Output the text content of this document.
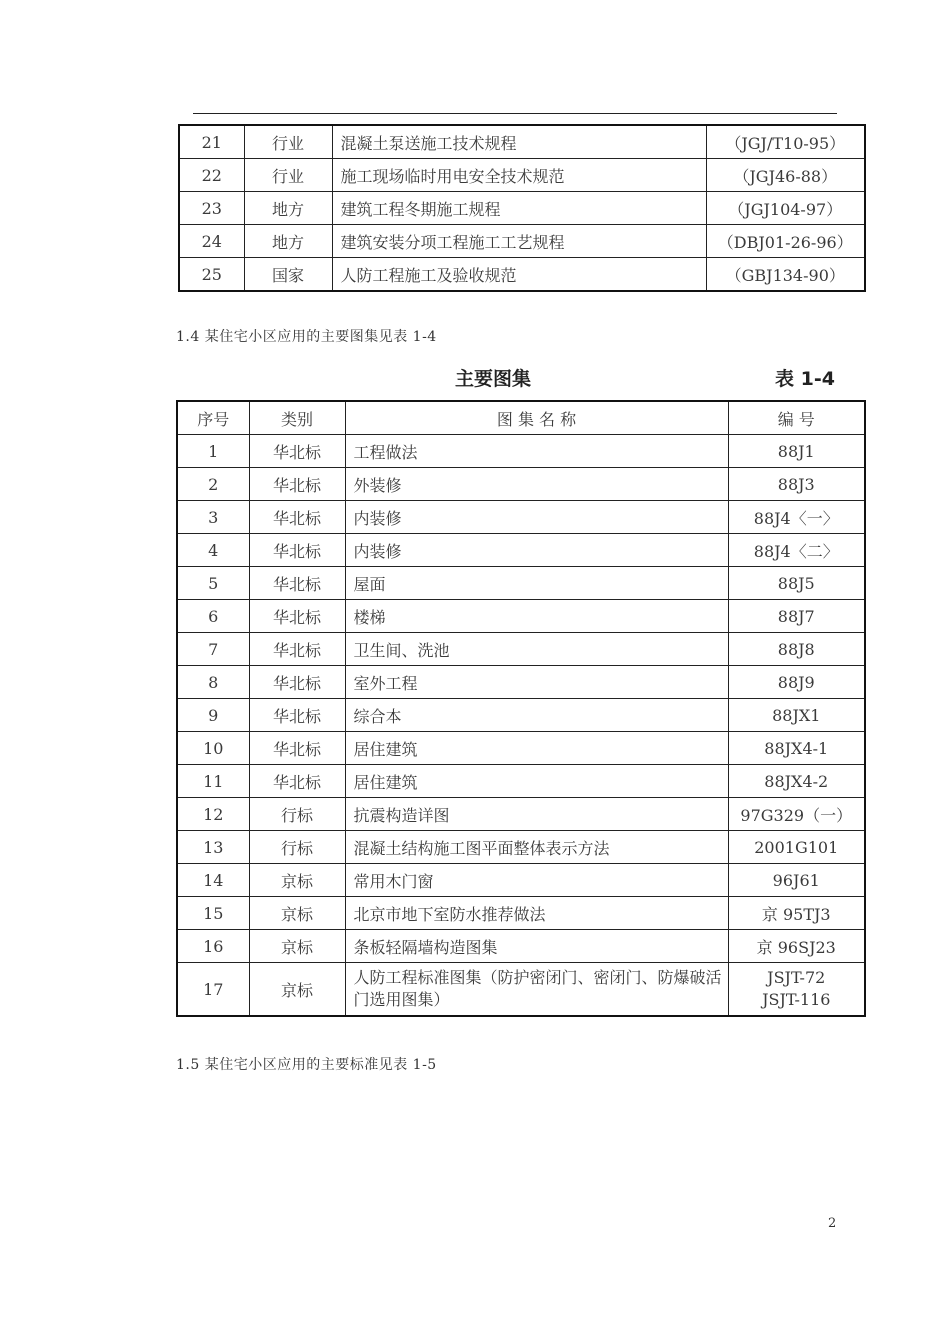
21	行业	混凝土泵送施工技术规程	（JGJ/T10-95）
22	行业	施工现场临时用电安全技术规范	（JGJ46-88）
23	地方	建筑工程冬期施工规程	（JGJ104-97）
24	地方	建筑安装分项工程施工工艺规程	（DBJ01-26-96）
25	国家	人防工程施工及验收规范	（GBJ134-90）
1.4 某住宅小区应用的主要图集见表 1-4
主要图集	表 1-4
序号	类别	图 集 名 称	编 号
1	华北标	工程做法	88J1
2	华北标	外装修	88J3
3	华北标	内装修	88J4〈一〉
4	华北标	内装修	88J4〈二〉
5	华北标	屋面	88J5
6	华北标	楼梯	88J7
7	华北标	卫生间、洗池	88J8
8	华北标	室外工程	88J9
9	华北标	综合本	88JX1
10	华北标	居住建筑	88JX4-1
11	华北标	居住建筑	88JX4-2
12	行标	抗震构造详图	97G329（一）
13	行标	混凝土结构施工图平面整体表示方法	2001G101
14	京标	常用木门窗	96J61
15	京标	北京市地下室防水推荐做法	京 95TJ3
16	京标	条板轻隔墙构造图集	京 96SJ23
17	京标	人防工程标准图集（防护密闭门、密闭门、防爆破活门选用图集）	JSJT-72
JSJT-116
1.5 某住宅小区应用的主要标准见表 1-5
2
